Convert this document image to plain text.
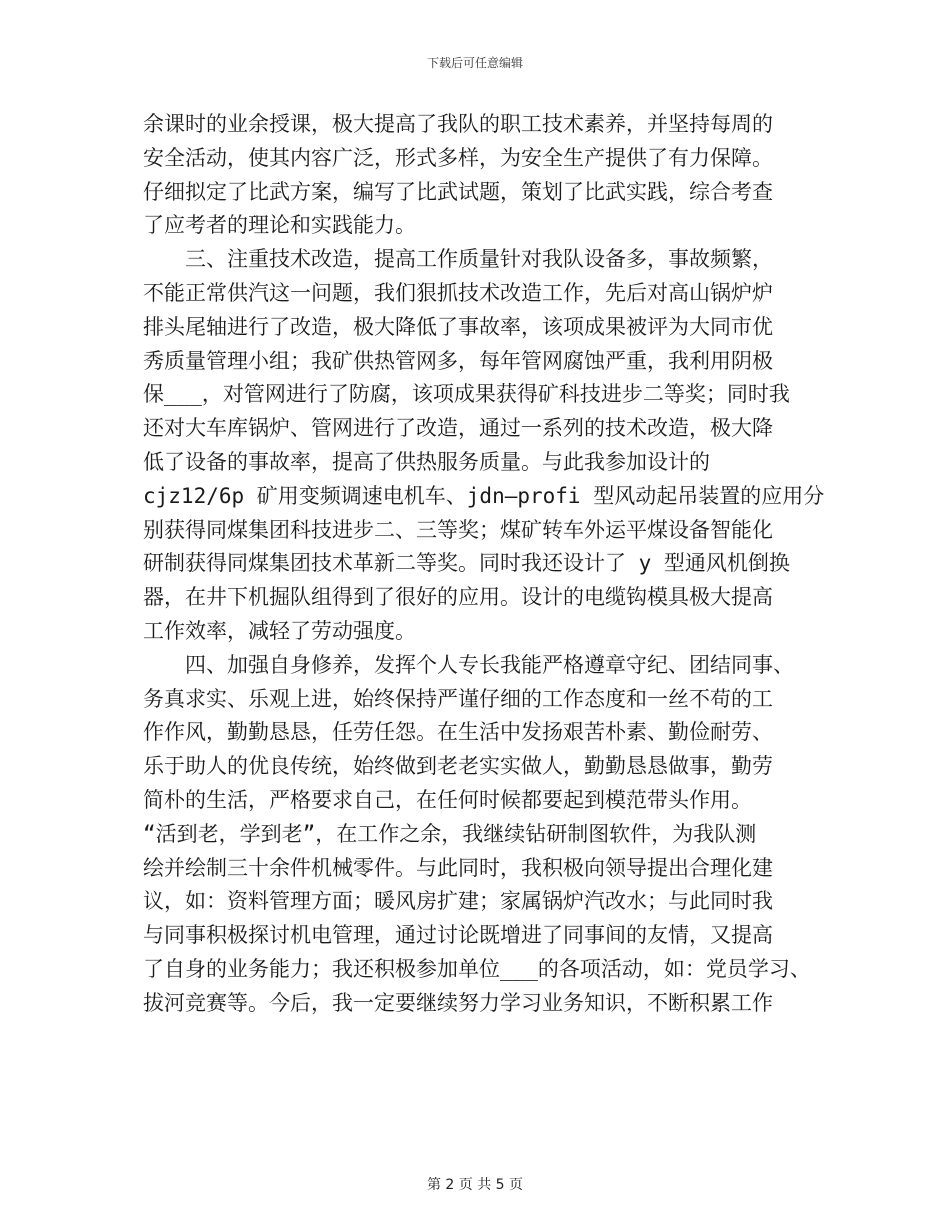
下载后可任意编辑
余课时的业余授课，极大提高了我队的职工技术素养，并坚持每周的
安全活动，使其内容广泛，形式多样，为安全生产提供了有力保障。
仔细拟定了比武方案，编写了比武试题，策划了比武实践，综合考查
了应考者的理论和实践能力。
　　三、注重技术改造，提高工作质量针对我队设备多，事故频繁，
不能正常供汽这一问题，我们狠抓技术改造工作，先后对高山锅炉炉
排头尾轴进行了改造，极大降低了事故率，该项成果被评为大同市优
秀质量管理小组；我矿供热管网多，每年管网腐蚀严重，我利用阴极
保___，对管网进行了防腐，该项成果获得矿科技进步二等奖；同时我
还对大车库锅炉、管网进行了改造，通过一系列的技术改造，极大降
低了设备的事故率，提高了供热服务质量。与此我参加设计的
cjz12/6p 矿用变频调速电机车、jdn—profi 型风动起吊装置的应用分
别获得同煤集团科技进步二、三等奖；煤矿转车外运平煤设备智能化
研制获得同煤集团技术革新二等奖。同时我还设计了 y 型通风机倒换
器，在井下机掘队组得到了很好的应用。设计的电缆钩模具极大提高
工作效率，减轻了劳动强度。
　　四、加强自身修养，发挥个人专长我能严格遵章守纪、团结同事、
务真求实、乐观上进，始终保持严谨仔细的工作态度和一丝不苟的工
作作风，勤勤恳恳，任劳任怨。在生活中发扬艰苦朴素、勤俭耐劳、
乐于助人的优良传统，始终做到老老实实做人，勤勤恳恳做事，勤劳
简朴的生活，严格要求自己，在任何时候都要起到模范带头作用。
“活到老，学到老”，在工作之余，我继续钻研制图软件，为我队测
绘并绘制三十余件机械零件。与此同时，我积极向领导提出合理化建
议，如：资料管理方面；暖风房扩建；家属锅炉汽改水；与此同时我
与同事积极探讨机电管理，通过讨论既增进了同事间的友情，又提高
了自身的业务能力；我还积极参加单位___的各项活动，如：党员学习、
拔河竞赛等。今后，我一定要继续努力学习业务知识，不断积累工作
第 2 页 共 5 页
